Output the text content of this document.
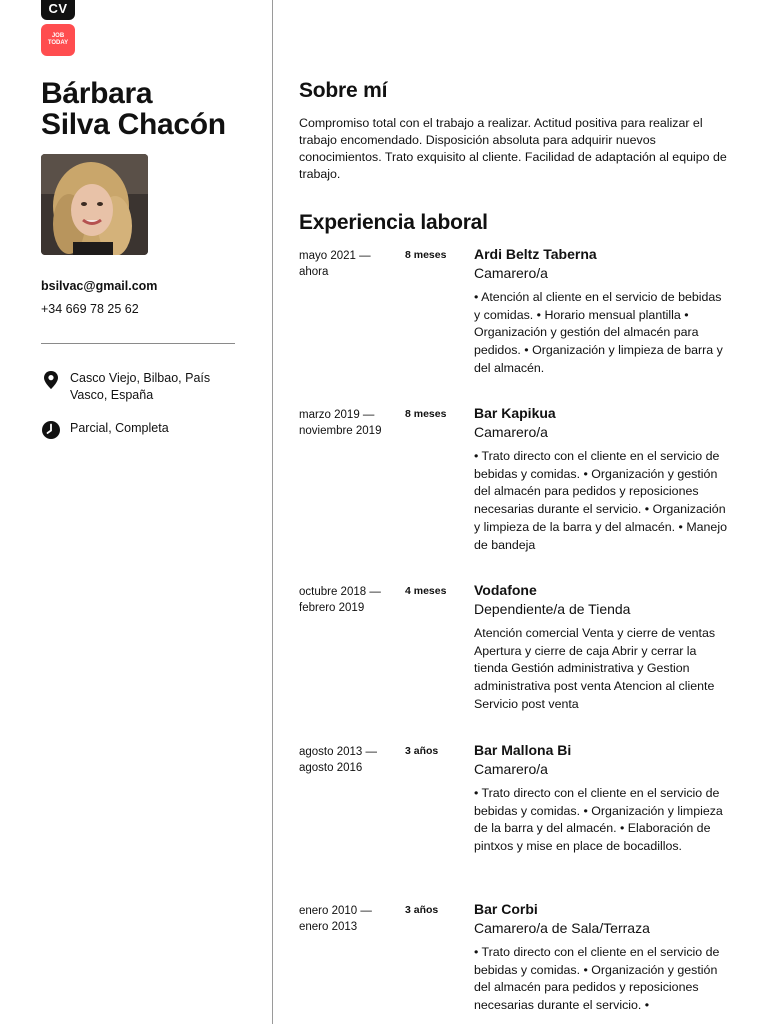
CV
JOB
TODAY
Bárbara
Silva Chacón
bsilvac@gmail.com
+34 669 78 25 62
Casco Viejo, Bilbao, País Vasco, España
Parcial, Completa
Sobre mí
Compromiso total con el trabajo a realizar. Actitud positiva para realizar el trabajo encomendado. Disposición absoluta para adquirir nuevos conocimientos. Trato exquisito al cliente. Facilidad de adaptación al equipo de trabajo.
Experiencia laboral
mayo 2021 — ahora
8 meses Ardi Beltz Taberna
Camarero/a
• Atención al cliente en el servicio de bebidas y comidas. • Horario mensual plantilla • Organización y gestión del almacén para pedidos. • Organización y limpieza de barra y del almacén.
marzo 2019 — noviembre 2019
8 meses Bar Kapikua
Camarero/a
• Trato directo con el cliente en el servicio de bebidas y comidas. • Organización y gestión del almacén para pedidos y reposiciones necesarias durante el servicio. • Organización y limpieza de la barra y del almacén. • Manejo de bandeja
octubre 2018 — febrero 2019
4 meses Vodafone
Dependiente/a de Tienda
Atención comercial Venta y cierre de ventas Apertura y cierre de caja Abrir y cerrar la tienda Gestión administrativa y Gestion administrativa post venta Atencion al cliente Servicio post venta
agosto 2013 — agosto 2016
3 años	Bar Mallona Bi
Camarero/a
• Trato directo con el cliente en el servicio de bebidas y comidas. • Organización y limpieza de la barra y del almacén. • Elaboración de pintxos y mise en place de bocadillos.
enero 2010 — enero 2013
3 años	Bar Corbi
Camarero/a de Sala/Terraza
• Trato directo con el cliente en el servicio de bebidas y comidas. • Organización y gestión del almacén para pedidos y reposiciones necesarias durante el servicio. •
